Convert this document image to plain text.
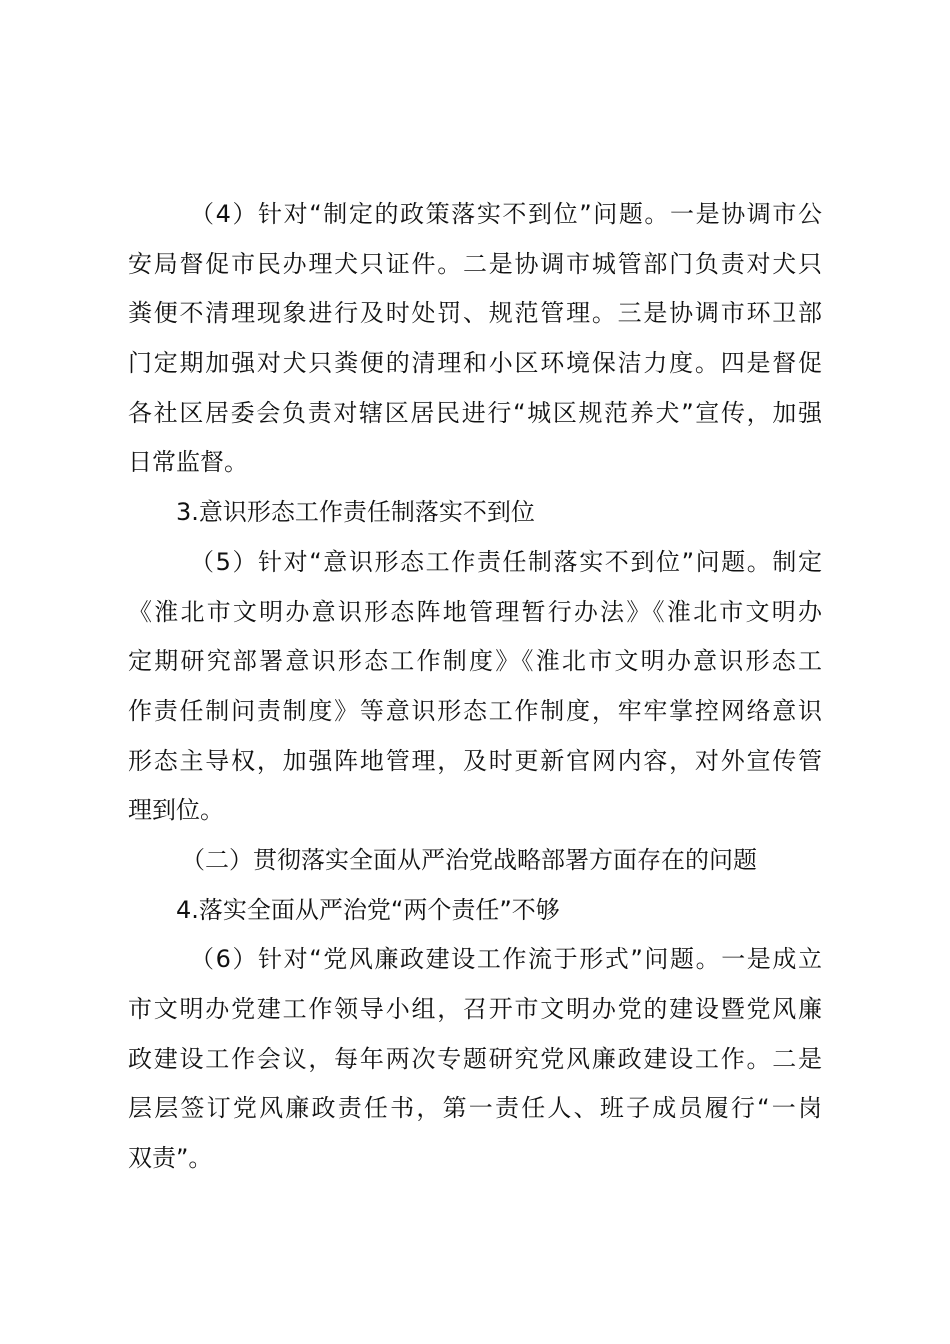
（4）针对“制定的政策落实不到位”问题。一是协调市公
安局督促市民办理犬只证件。二是协调市城管部门负责对犬只
粪便不清理现象进行及时处罚、规范管理。三是协调市环卫部
门定期加强对犬只粪便的清理和小区环境保洁力度。四是督促
各社区居委会负责对辖区居民进行“城区规范养犬”宣传，加强
日常监督。
3.意识形态工作责任制落实不到位
（5）针对“意识形态工作责任制落实不到位”问题。制定
《淮北市文明办意识形态阵地管理暂行办法》《淮北市文明办
定期研究部署意识形态工作制度》《淮北市文明办意识形态工
作责任制问责制度》等意识形态工作制度，牢牢掌控网络意识
形态主导权，加强阵地管理，及时更新官网内容，对外宣传管
理到位。
（二）贯彻落实全面从严治党战略部署方面存在的问题
4.落实全面从严治党“两个责任”不够
（6）针对“党风廉政建设工作流于形式”问题。一是成立
市文明办党建工作领导小组，召开市文明办党的建设暨党风廉
政建设工作会议，每年两次专题研究党风廉政建设工作。二是
层层签订党风廉政责任书，第一责任人、班子成员履行“一岗
双责”。
